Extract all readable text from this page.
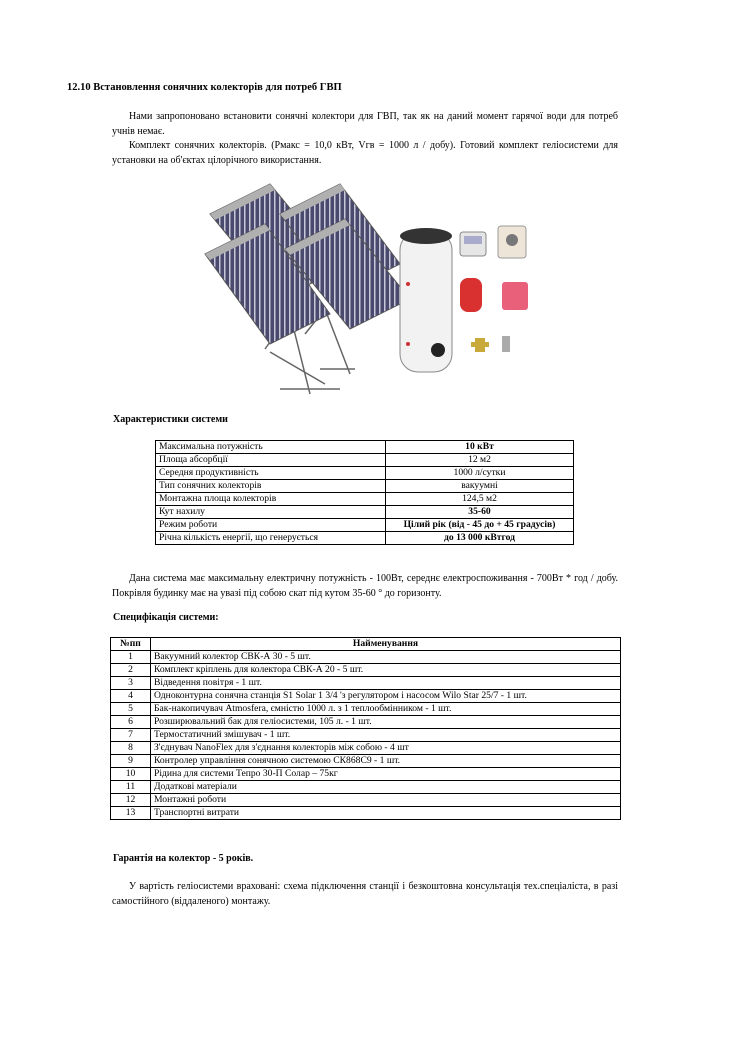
12.10 Встановлення сонячних колекторів для потреб ГВП
Нами запропоновано встановити сонячні колектори для ГВП, так як на даний момент гарячої води для потреб учнів немає.
Комплект сонячних колекторів. (Pмакс = 10,0 кВт, Vгв = 1000 л / добу). Готовий комплект геліосистеми для установки на об'єктах цілорічного використання.
Характеристики системи
Максимальна потужність	10 кВт
Площа абсорбції	12 м2
Середня продуктивність	1000 л/сутки
Тип сонячних колекторів	вакуумні
Монтажна площа колекторів	124,5 м2
Кут нахилу	35-60
Режим роботи	Цілий рік (від - 45 до + 45 градусів)
Річна кількість енергії, що генерується	до 13 000 кВтгод
Дана система має максимальну електричну потужність - 100Вт, середнє електроспоживання - 700Вт * год / добу. Покрівля будинку має на увазі під собою скат під кутом 35-60 ° до горизонту.
Специфікація системи:
№пп	Найменування
1	Вакуумний колектор СВК-А 30 - 5 шт.
2	Комплект кріплень для колектора СВК-А 20 - 5 шт.
3	Відведення повітря - 1 шт.
4	Одноконтурна сонячна станція S1 Solar 1 3/4 'з регулятором і насосом Wilo Star 25/7 - 1 шт.
5	Бак-накопичувач Atmosfera, ємністю 1000 л. з 1 теплообмінником - 1 шт.
6	Розширювальний бак для геліосистеми, 105 л. - 1 шт.
7	Термостатичний змішувач - 1 шт.
8	З'єднувач NanoFlex для з'єднання колекторів між собою - 4 шт
9	Контролер управління сонячною системою СК868С9 - 1 шт.
10	Рідина для системи Тепро 30-П Солар – 75кг
11	Додаткові матеріали
12	Монтажні роботи
13	Транспортні витрати
Гарантія на колектор - 5 років.
У вартість геліосистеми враховані: схема підключення станції і безкоштовна консультація тех.спеціаліста, в разі самостійного (віддаленого) монтажу.
